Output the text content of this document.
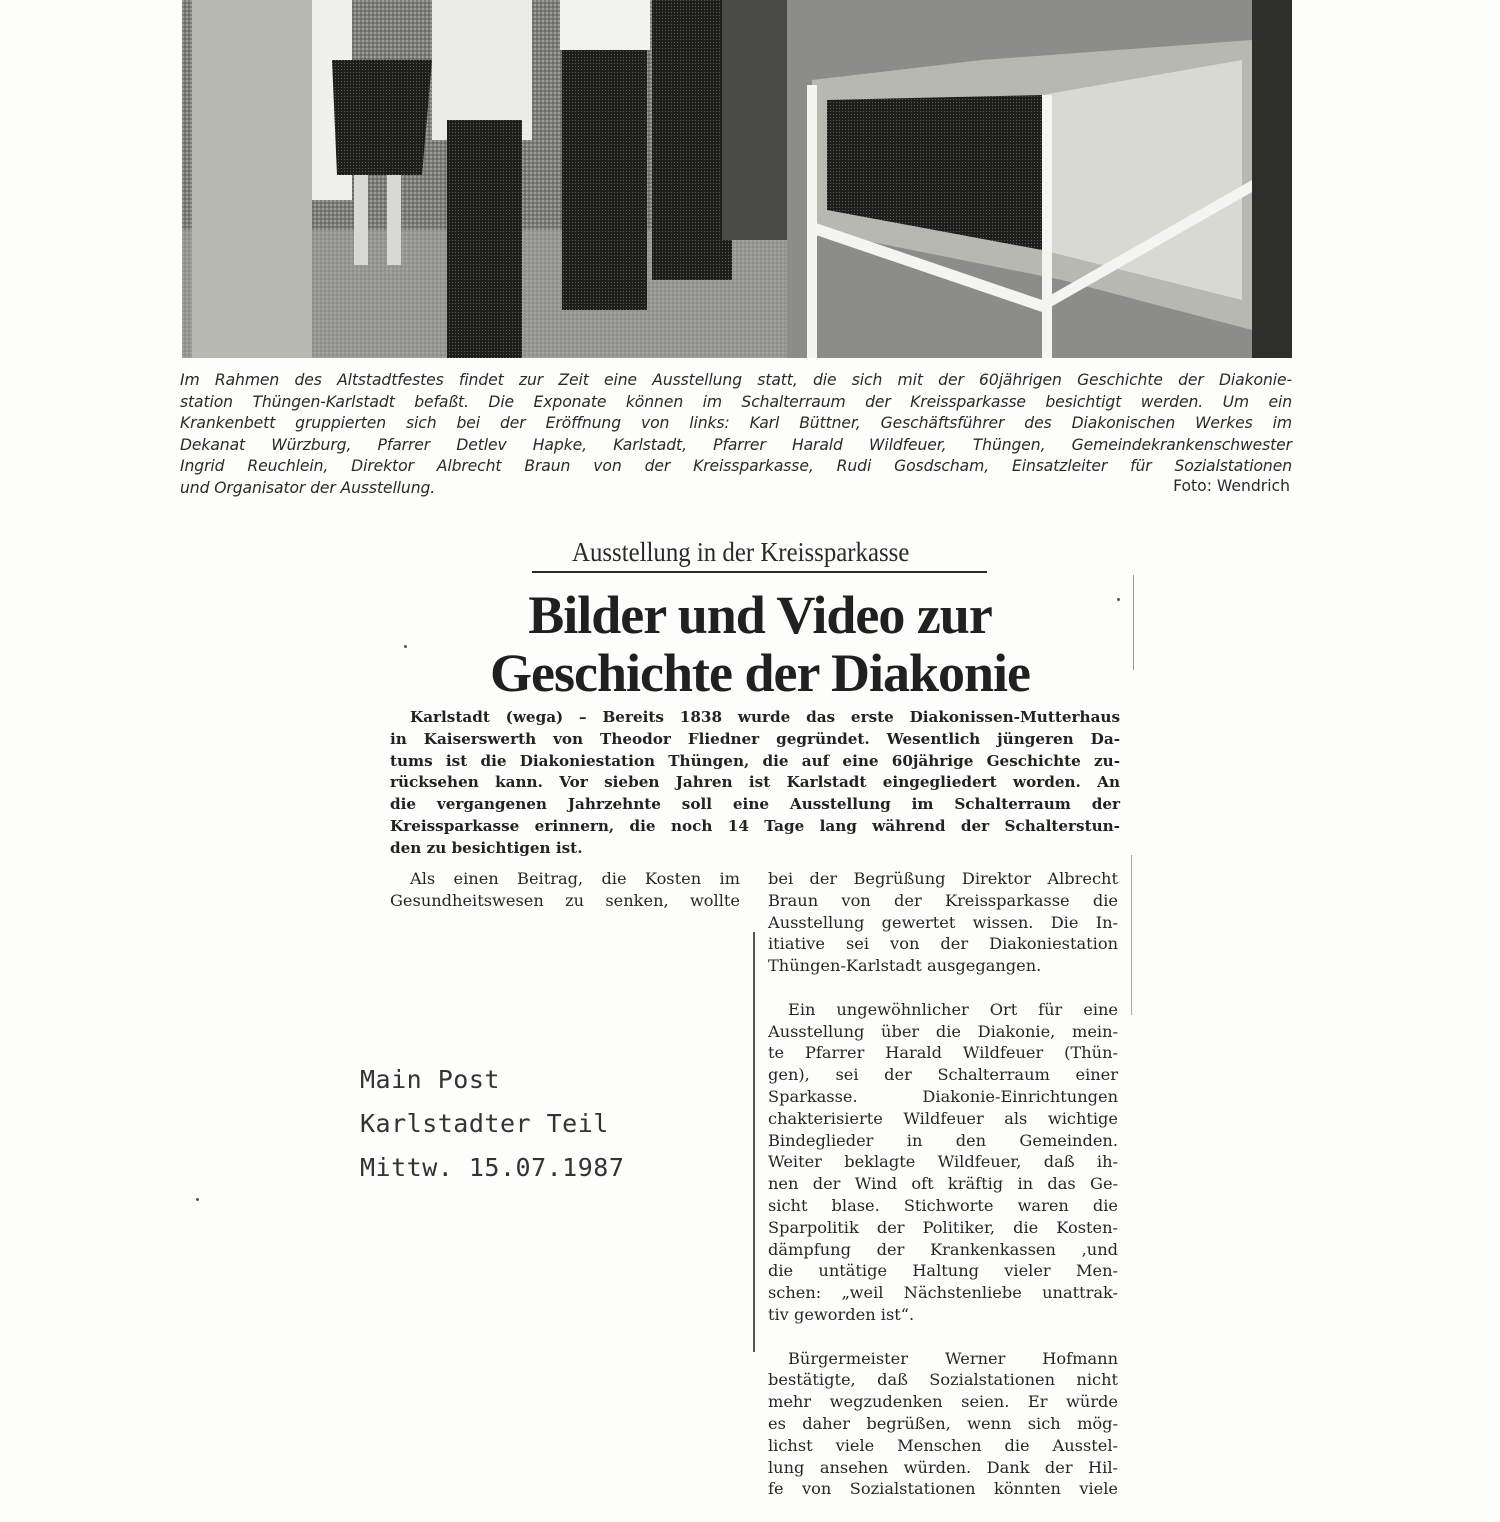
Im Rahmen des Altstadtfestes findet zur Zeit eine Ausstellung statt, die sich mit der 60jährigen Geschichte der Diakonie-
station Thüngen-Karlstadt befaßt. Die Exponate können im Schalterraum der Kreissparkasse besichtigt werden. Um ein
Krankenbett gruppierten sich bei der Eröffnung von links: Karl Büttner, Geschäftsführer des Diakonischen Werkes im
Dekanat Würzburg, Pfarrer Detlev Hapke, Karlstadt, Pfarrer Harald Wildfeuer, Thüngen, Gemeindekrankenschwester
Ingrid Reuchlein, Direktor Albrecht Braun von der Kreissparkasse, Rudi Gosdscham, Einsatzleiter für Sozialstationen
und Organisator der Ausstellung.	Foto: Wendrich
Ausstellung in der Kreissparkasse
Bilder und Video zur
Geschichte der Diakonie
Karlstadt (wega) – Bereits 1838 wurde das erste Diakonissen-Mutterhaus
in Kaiserswerth von Theodor Fliedner gegründet. Wesentlich jüngeren Da-
tums ist die Diakoniestation Thüngen, die auf eine 60jährige Geschichte zu-
rücksehen kann. Vor sieben Jahren ist Karlstadt eingegliedert worden. An
die vergangenen Jahrzehnte soll eine Ausstellung im Schalterraum der
Kreissparkasse erinnern, die noch 14 Tage lang während der Schalterstun-
den zu besichtigen ist.
Als einen Beitrag, die Kosten im
Gesundheitswesen zu senken, wollte
bei der Begrüßung Direktor Albrecht
Braun von der Kreissparkasse die
Ausstellung gewertet wissen. Die In-
itiative sei von der Diakoniestation
Thüngen-Karlstadt ausgegangen.
Ein ungewöhnlicher Ort für eine
Ausstellung über die Diakonie, mein-
te Pfarrer Harald Wildfeuer (Thün-
gen), sei der Schalterraum einer
Sparkasse. Diakonie-Einrichtungen
chakterisierte Wildfeuer als wichtige
Bindeglieder in den Gemeinden.
Weiter beklagte Wildfeuer, daß ih-
nen der Wind oft kräftig in das Ge-
sicht blase. Stichworte waren die
Sparpolitik der Politiker, die Kosten-
dämpfung der Krankenkassen ,und
die untätige Haltung vieler Men-
schen: „weil Nächstenliebe unattrak-
tiv geworden ist“.
Bürgermeister Werner Hofmann
bestätigte, daß Sozialstationen nicht
mehr wegzudenken seien. Er würde
es daher begrüßen, wenn sich mög-
lichst viele Menschen die Ausstel-
lung ansehen würden. Dank der Hil-
fe von Sozialstationen könnten viele
Main Post
Karlstadter Teil
Mittw. 15.07.1987
